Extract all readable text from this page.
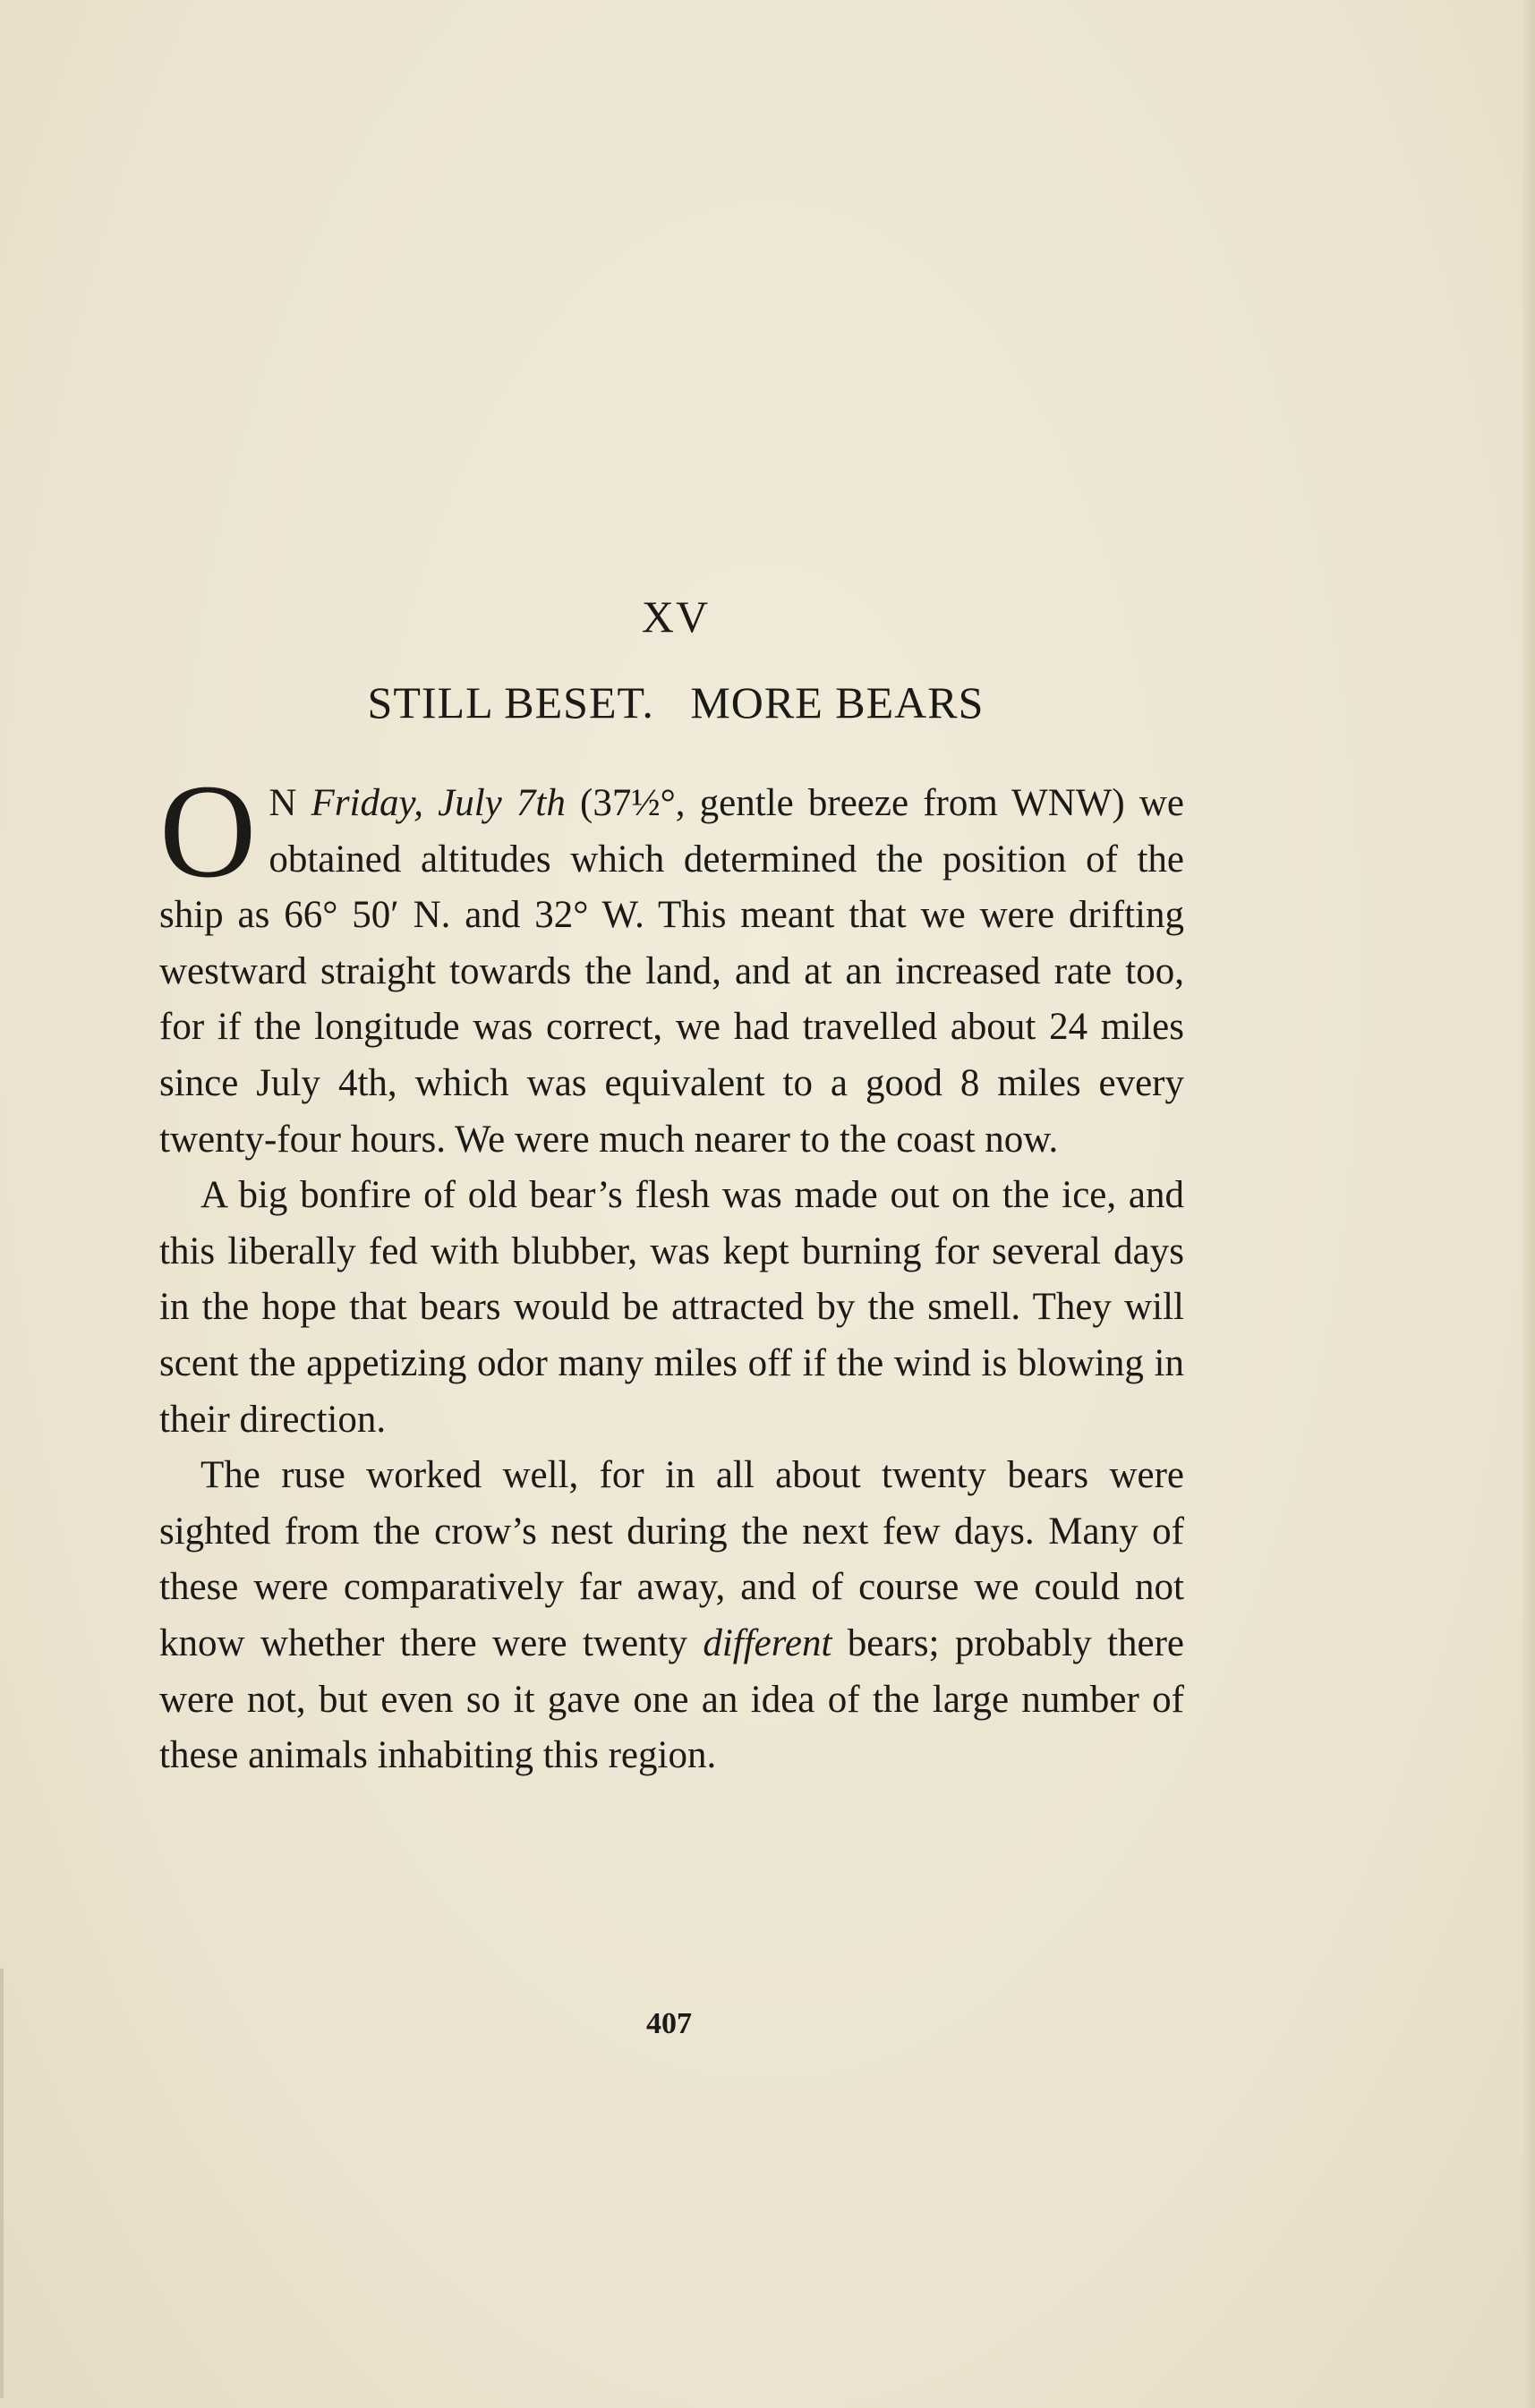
XV
STILL BESET.   MORE BEARS

O N Friday, July 7th (37½°, gentle breeze from WNW) we obtained altitudes which determined the position of the ship as 66° 50′ N. and 32° W. This meant that we were drifting westward straight towards the land, and at an increased rate too, for if the longitude was correct, we had travelled about 24 miles since July 4th, which was equivalent to a good 8 miles every twenty-four hours. We were much nearer to the coast now.

A big bonfire of old bear’s flesh was made out on the ice, and this liberally fed with blubber, was kept burning for several days in the hope that bears would be attracted by the smell. They will scent the appetizing odor many miles off if the wind is blowing in their direction.

The ruse worked well, for in all about twenty bears were sighted from the crow’s nest during the next few days. Many of these were comparatively far away, and of course we could not know whether there were twenty different bears; probably there were not, but even so it gave one an idea of the large number of these animals inhabiting this region.

407
